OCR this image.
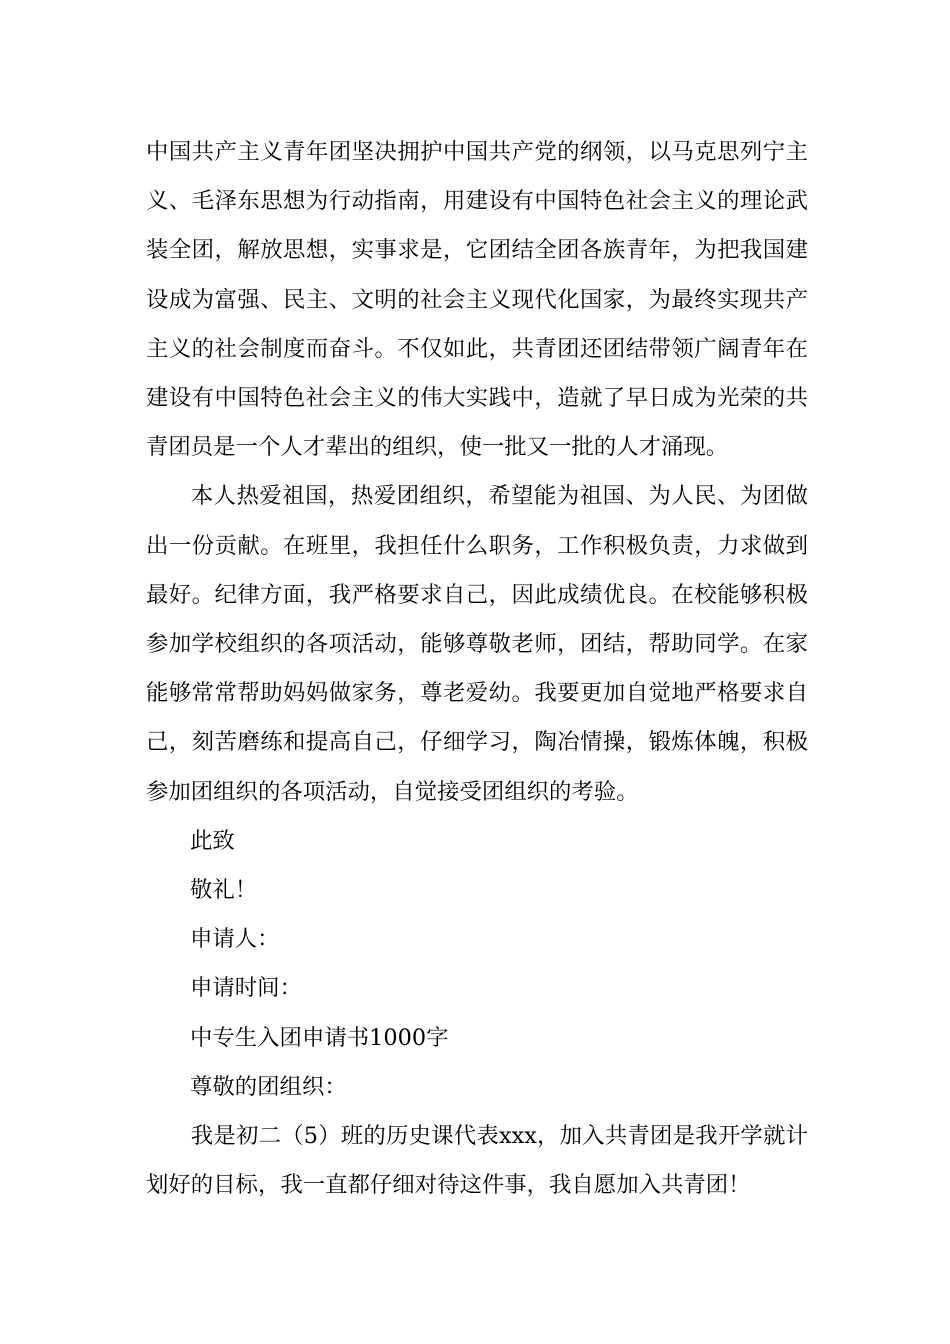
中国共产主义青年团坚决拥护中国共产党的纲领，以马克思列宁主义、毛泽东思想为行动指南，用建设有中国特色社会主义的理论武装全团，解放思想，实事求是，它团结全团各族青年，为把我国建设成为富强、民主、文明的社会主义现代化国家，为最终实现共产主义的社会制度而奋斗。不仅如此，共青团还团结带领广阔青年在建设有中国特色社会主义的伟大实践中，造就了早日成为光荣的共青团员是一个人才辈出的组织，使一批又一批的人才涌现。

本人热爱祖国，热爱团组织，希望能为祖国、为人民、为团做出一份贡献。在班里，我担任什么职务，工作积极负责，力求做到最好。纪律方面，我严格要求自己，因此成绩优良。在校能够积极参加学校组织的各项活动，能够尊敬老师，团结，帮助同学。在家能够常常帮助妈妈做家务，尊老爱幼。我要更加自觉地严格要求自己，刻苦磨练和提高自己，仔细学习，陶冶情操，锻炼体魄，积极参加团组织的各项活动，自觉接受团组织的考验。

此致

敬礼！

申请人：

申请时间：

中专生入团申请书1000字

尊敬的团组织：

我是初二（5）班的历史课代表xxx，加入共青团是我开学就计划好的目标，我一直都仔细对待这件事，我自愿加入共青团！
